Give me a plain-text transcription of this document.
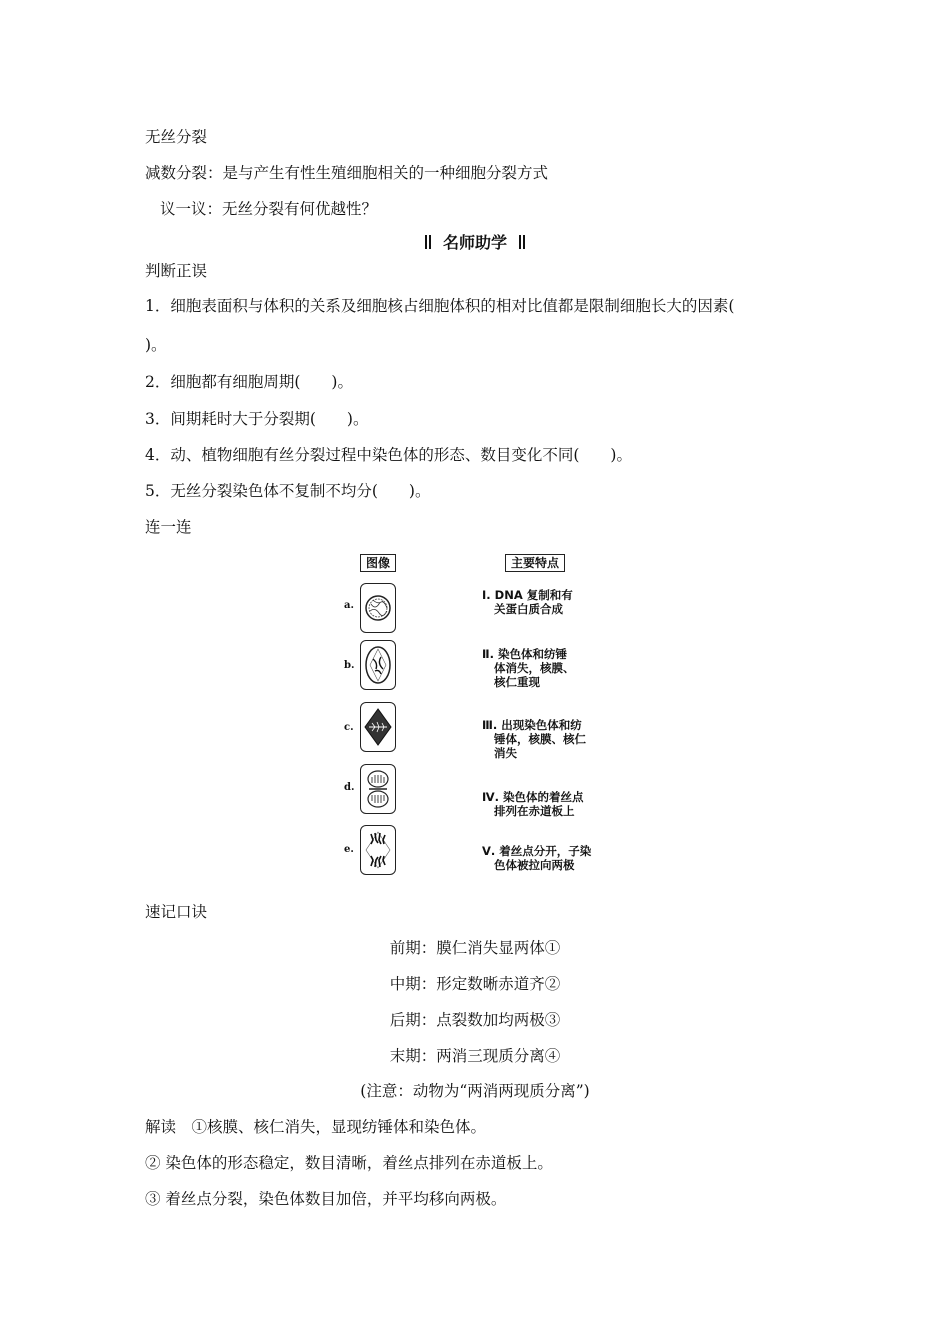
无丝分裂
减数分裂：是与产生有性生殖细胞相关的一种细胞分裂方式
议一议：无丝分裂有何优越性？
名师助学
判断正误
1．细胞表面积与体积的关系及细胞核占细胞体积的相对比值都是限制细胞长大的因素(
)。
2．细胞都有细胞周期(　　)。
3．间期耗时大于分裂期(　　)。
4．动、植物细胞有丝分裂过程中染色体的形态、数目变化不同(　　)。
5．无丝分裂染色体不复制不均分(　　)。
连一连
图像	主要特点
a.
b.
c.
d.
e.
Ⅰ. DNA 复制和有
关蛋白质合成
Ⅱ. 染色体和纺锤
体消失，核膜、
核仁重现
Ⅲ. 出现染色体和纺
锤体，核膜、核仁
消失
Ⅳ. 染色体的着丝点
排列在赤道板上
Ⅴ. 着丝点分开，子染
色体被拉向两极
速记口诀
前期：膜仁消失显两体①
中期：形定数晰赤道齐②
后期：点裂数加均两极③
末期：两消三现质分离④
(注意：动物为“两消两现质分离”)
解读　①核膜、核仁消失，显现纺锤体和染色体。
② 染色体的形态稳定，数目清晰，着丝点排列在赤道板上。
③ 着丝点分裂，染色体数目加倍，并平均移向两极。
